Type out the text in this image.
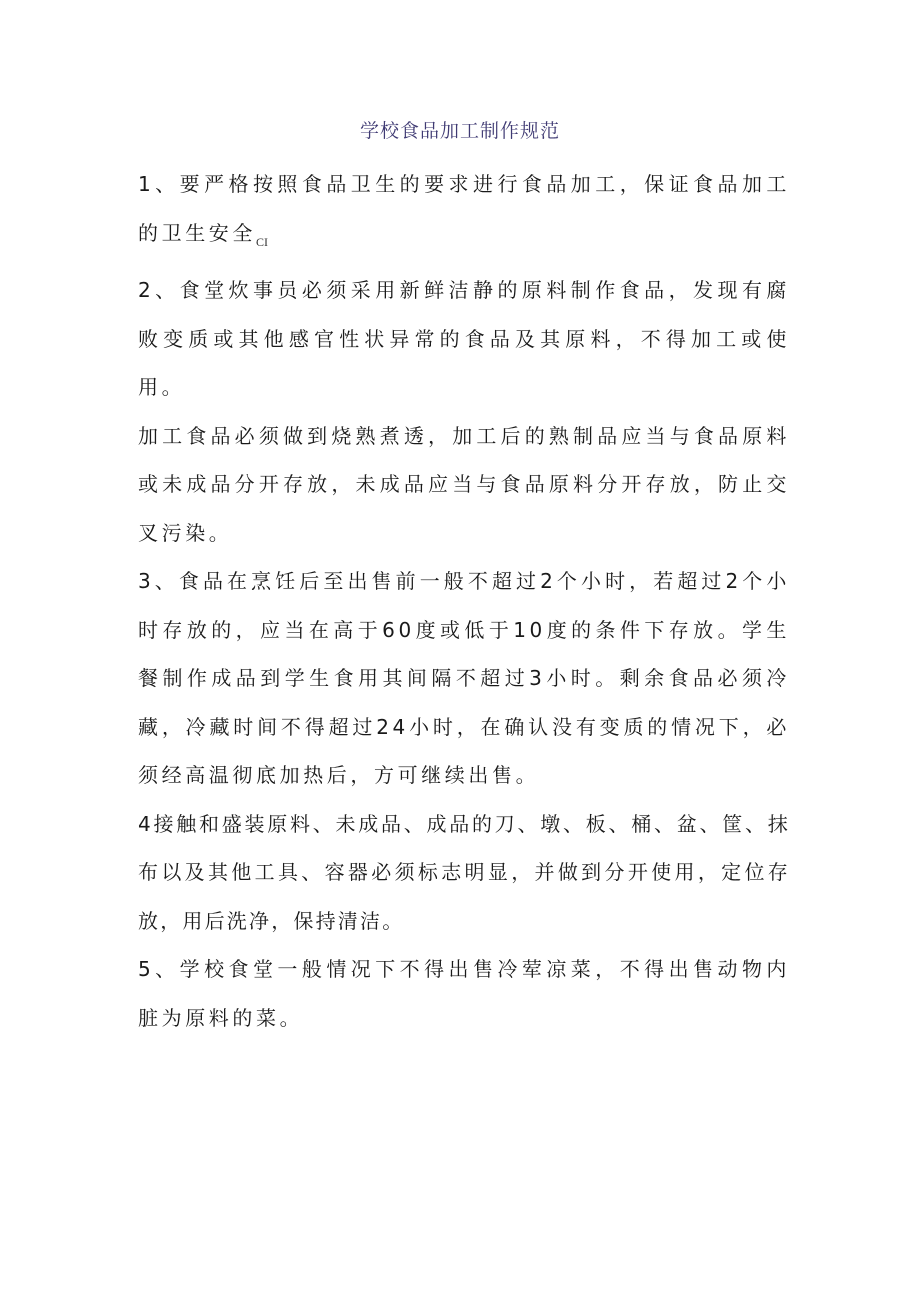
学校食品加工制作规范

1、要严格按照食品卫生的要求进行食品加工，保证食品加工的卫生安全$_{CI}$

2、食堂炊事员必须采用新鲜洁静的原料制作食品，发现有腐败变质或其他感官性状异常的食品及其原料，不得加工或使用。

加工食品必须做到烧熟煮透，加工后的熟制品应当与食品原料或未成品分开存放，未成品应当与食品原料分开存放，防止交叉污染。

3、食品在烹饪后至出售前一般不超过2个小时，若超过2个小时存放的，应当在高于60度或低于10度的条件下存放。学生餐制作成品到学生食用其间隔不超过3小时。剩余食品必须冷藏，冷藏时间不得超过24小时，在确认没有变质的情况下，必须经高温彻底加热后，方可继续出售。

4接触和盛装原料、未成品、成品的刀、墩、板、桶、盆、筐、抹布以及其他工具、容器必须标志明显，并做到分开使用，定位存放，用后洗净，保持清洁。

5、学校食堂一般情况下不得出售冷荤凉菜，不得出售动物内脏为原料的菜。
